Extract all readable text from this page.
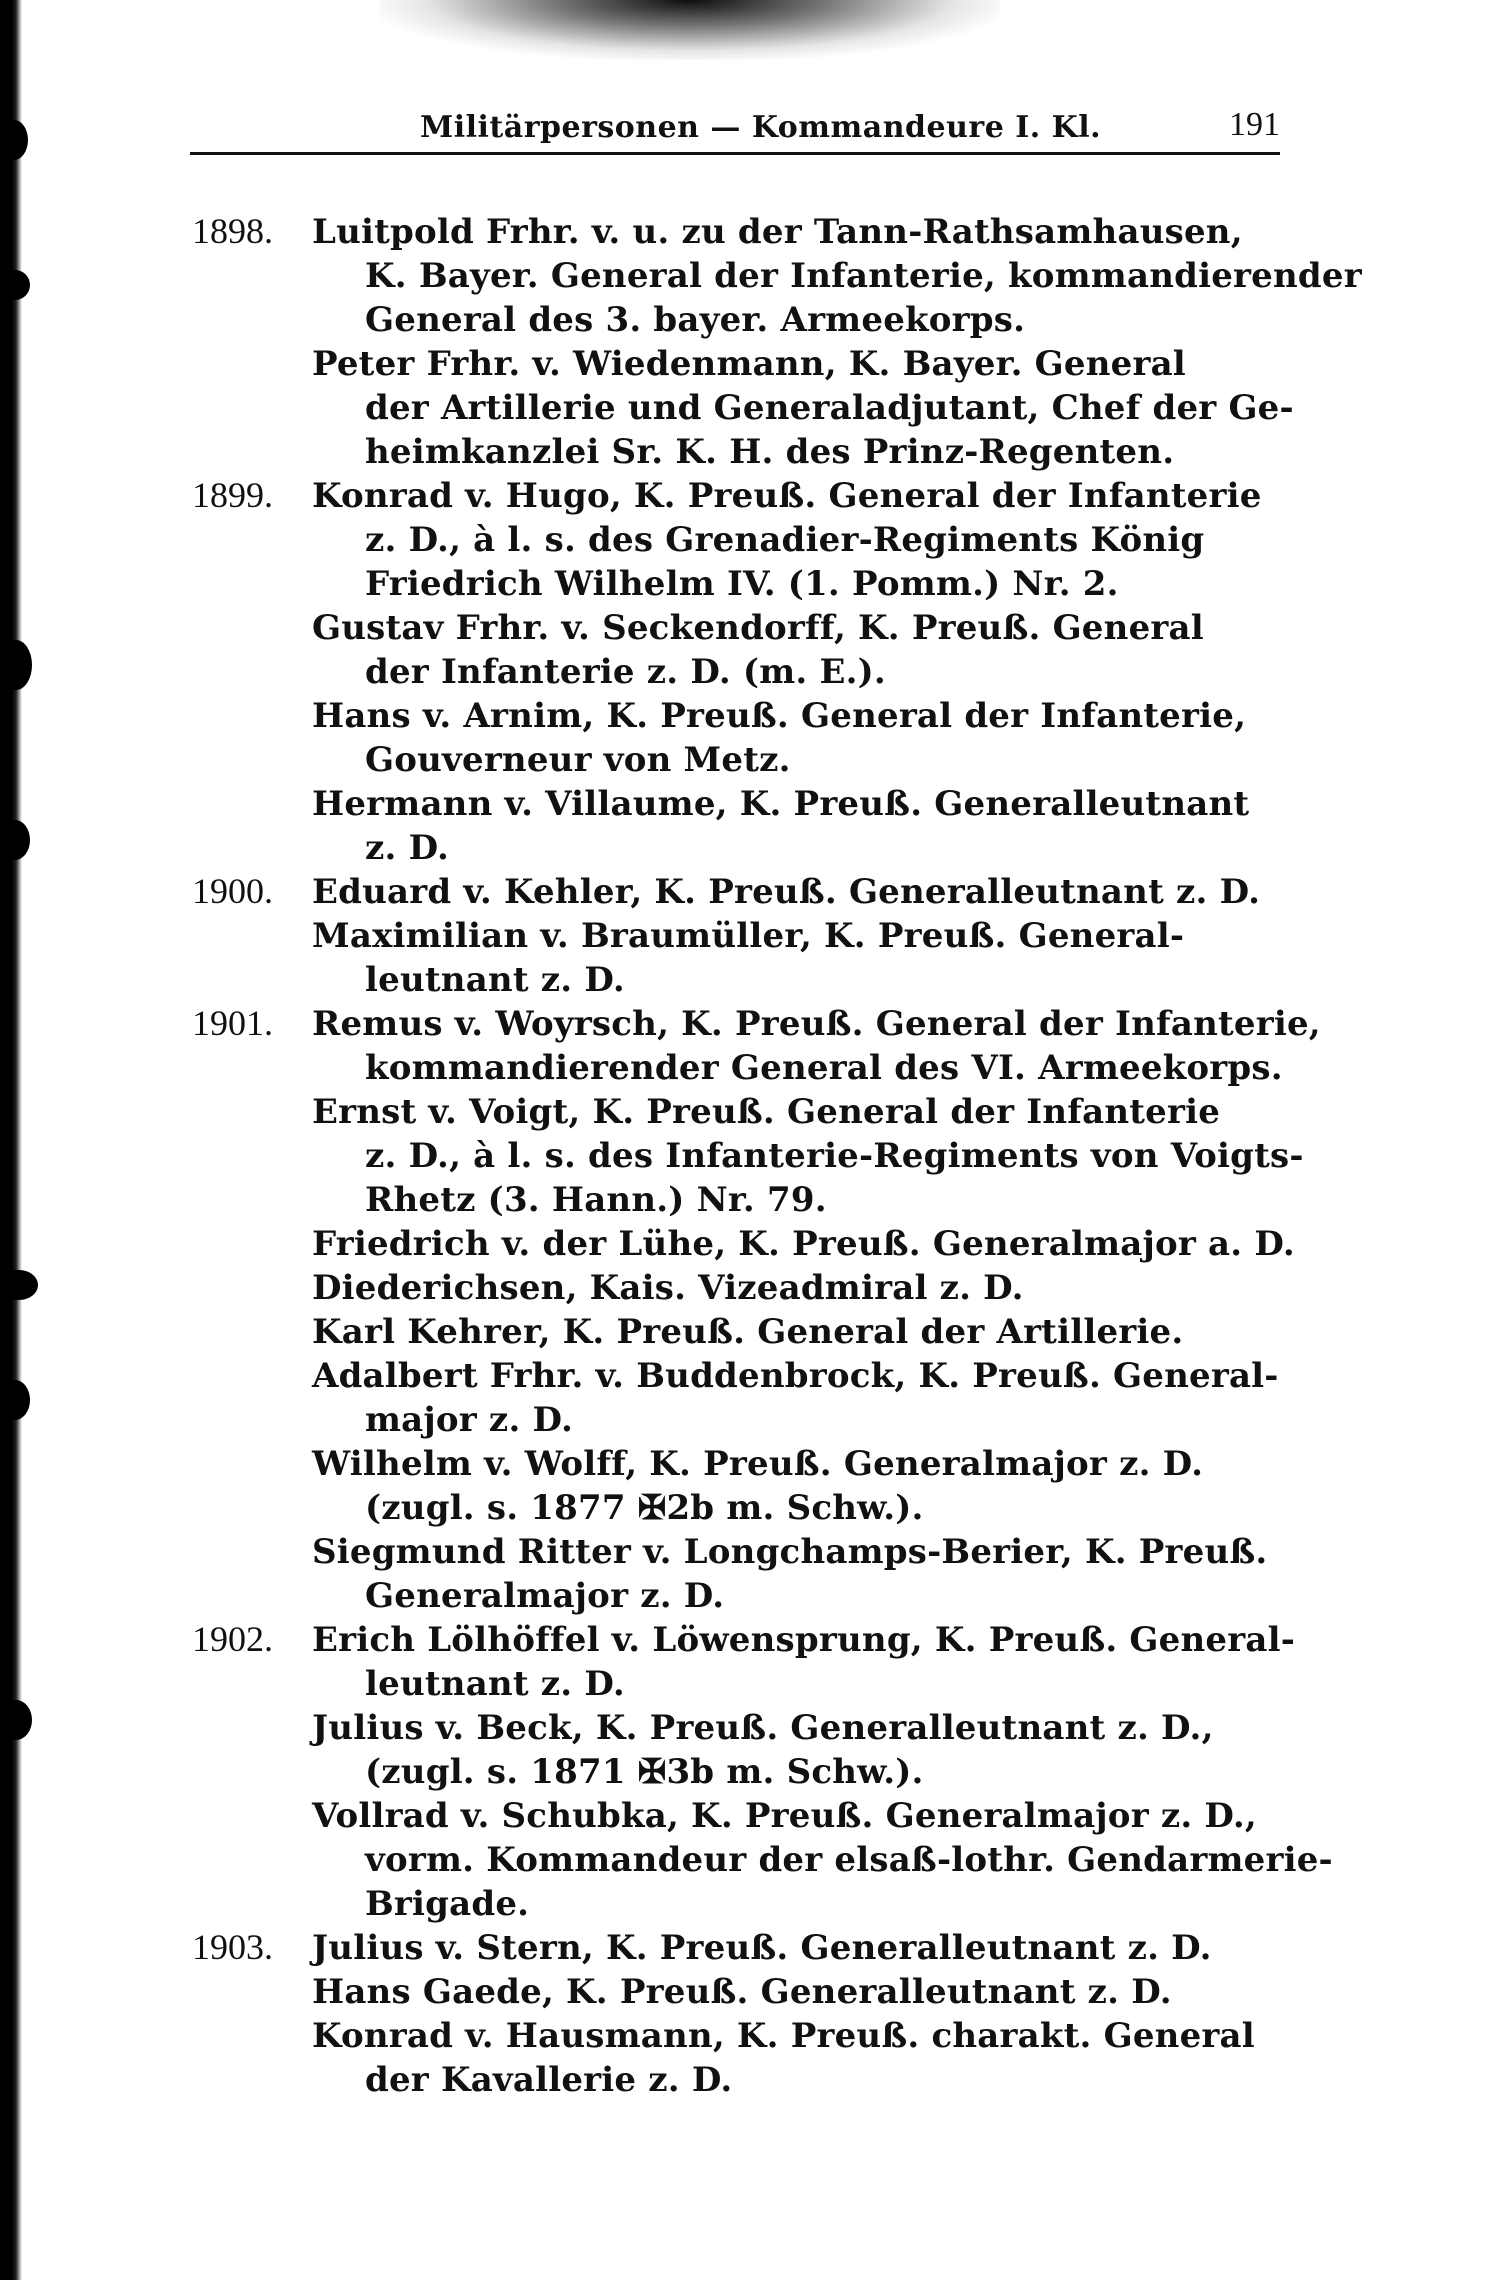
Militärpersonen — Kommandeure I. Kl.	191
1898. Luitpold Frhr. v. u. zu der Tann-Rathsamhausen,
K. Bayer. General der Infanterie, kommandierender
General des 3. bayer. Armeekorps.
Peter Frhr. v. Wiedenmann, K. Bayer. General
der Artillerie und Generaladjutant, Chef der Ge-
heimkanzlei Sr. K. H. des Prinz-Regenten.
1899. Konrad v. Hugo, K. Preuß. General der Infanterie
z. D., à l. s. des Grenadier-Regiments König
Friedrich Wilhelm IV. (1. Pomm.) Nr. 2.
Gustav Frhr. v. Seckendorff, K. Preuß. General
der Infanterie z. D. (m. E.).
Hans v. Arnim, K. Preuß. General der Infanterie,
Gouverneur von Metz.
Hermann v. Villaume, K. Preuß. Generalleutnant
z. D.
1900. Eduard v. Kehler, K. Preuß. Generalleutnant z. D.
Maximilian v. Braumüller, K. Preuß. General-
leutnant z. D.
1901. Remus v. Woyrsch, K. Preuß. General der Infanterie,
kommandierender General des VI. Armeekorps.
Ernst v. Voigt, K. Preuß. General der Infanterie
z. D., à l. s. des Infanterie-Regiments von Voigts-
Rhetz (3. Hann.) Nr. 79.
Friedrich v. der Lühe, K. Preuß. Generalmajor a. D.
Diederichsen, Kais. Vizeadmiral z. D.
Karl Kehrer, K. Preuß. General der Artillerie.
Adalbert Frhr. v. Buddenbrock, K. Preuß. General-
major z. D.
Wilhelm v. Wolff, K. Preuß. Generalmajor z. D.
(zugl. s. 1877 ✠2b m. Schw.).
Siegmund Ritter v. Longchamps-Berier, K. Preuß.
Generalmajor z. D.
1902. Erich Lölhöffel v. Löwensprung, K. Preuß. General-
leutnant z. D.
Julius v. Beck, K. Preuß. Generalleutnant z. D.,
(zugl. s. 1871 ✠3b m. Schw.).
Vollrad v. Schubka, K. Preuß. Generalmajor z. D.,
vorm. Kommandeur der elsaß-lothr. Gendarmerie-
Brigade.
1903. Julius v. Stern, K. Preuß. Generalleutnant z. D.
Hans Gaede, K. Preuß. Generalleutnant z. D.
Konrad v. Hausmann, K. Preuß. charakt. General
der Kavallerie z. D.
